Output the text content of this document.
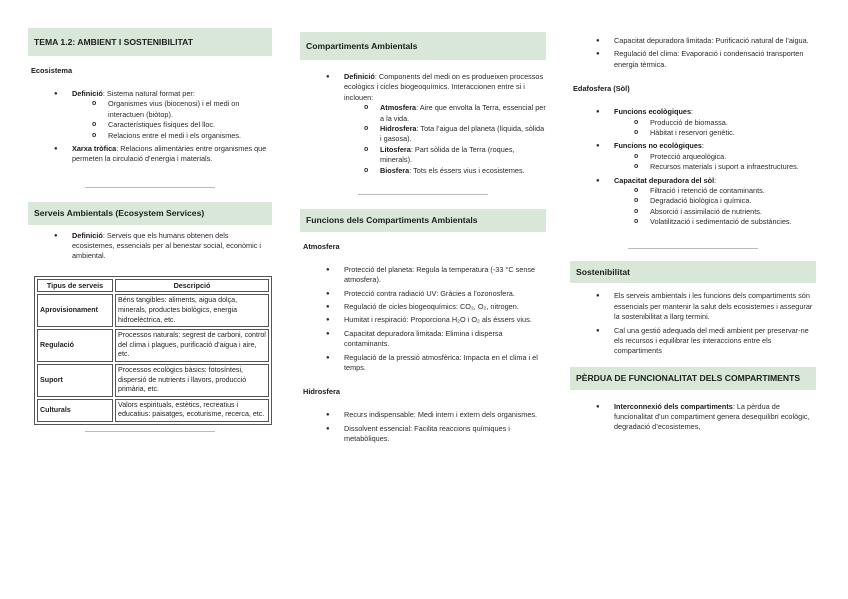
TEMA 1.2: AMBIENT I SOSTENIBILITAT
Ecosistema
● Definició: Sistema natural format per:
o Organismes vius (biocenosi) i el medi on interactuen (biòtop).
o Característiques físiques del lloc.
o Relacions entre el medi i els organismes.
● Xarxa tròfica: Relacions alimentàries entre organismes que permeten la circulació d’energia i materials.
Serveis Ambientals (Ecosystem Services)
● Definició: Serveis que els humans obtenen dels ecosistemes, essencials per al benestar social, econòmic i ambiental.
Tipus de serveis	Descripció
Aprovisionament	Béns tangibles: aliments, aigua dolça, minerals, productes biològics, energia hidroelèctrica, etc.
Regulació	Processos naturals: segrest de carboni, control del clima i plagues, purificació d’aigua i aire, etc.
Suport	Processos ecològics bàsics: fotosíntesi, dispersió de nutrients i llavors, producció primària, etc.
Culturals	Valors espirituals, estètics, recreatius i educatius: paisatges, ecoturisme, recerca, etc.
Compartiments Ambientals
● Definició: Components del medi on es produeixen processos ecològics i cicles biogeoquímics. Interaccionen entre si i inclouen:
o Atmosfera: Aire que envolta la Terra, essencial per a la vida.
o Hidrosfera: Tota l’aigua del planeta (líquida, sòlida i gasosa).
o Litosfera: Part sòlida de la Terra (roques, minerals).
o Biosfera: Tots els éssers vius i ecosistemes.
Funcions dels Compartiments Ambientals
Atmosfera
● Protecció del planeta: Regula la temperatura (-33 °C sense atmosfera).
● Protecció contra radiació UV: Gràcies a l’ozonosfera.
● Regulació de cicles biogeoquímics: CO₂, O₂, nitrogen.
● Humitat i respiració: Proporciona H₂O i O₂ als éssers vius.
● Capacitat depuradora limitada: Elimina i dispersa contaminants.
● Regulació de la pressió atmosfèrica: Impacta en el clima i el temps.
Hidrosfera
● Recurs indispensable: Medi intern i extern dels organismes.
● Dissolvent essencial: Facilita reaccions químiques i metabòliques.
● Capacitat depuradora limitada: Purificació natural de l’aigua.
● Regulació del clima: Evaporació i condensació transporten energia tèrmica.
Edafosfera (Sòl)
● Funcions ecològiques:
o Producció de biomassa.
o Hàbitat i reservori genètic.
● Funcions no ecològiques:
o Protecció arqueològica.
o Recursos materials i suport a infraestructures.
● Capacitat depuradora del sòl:
o Filtració i retenció de contaminants.
o Degradació biològica i química.
o Absorció i assimilació de nutrients.
o Volatilització i sedimentació de substàncies.
Sostenibilitat
● Els serveis ambientals i les funcions dels compartiments són essencials per mantenir la salut dels ecosistemes i assegurar la sostenibilitat a llarg termini.
● Cal una gestió adequada del medi ambient per preservar-ne els recursos i equilibrar les interaccions entre els compartiments
PÈRDUA DE FUNCIONALITAT DELS COMPARTIMENTS
● Interconnexió dels compartiments: La pèrdua de funcionalitat d’un compartiment genera desequilibri ecològic, degradació d’ecosistemes,
